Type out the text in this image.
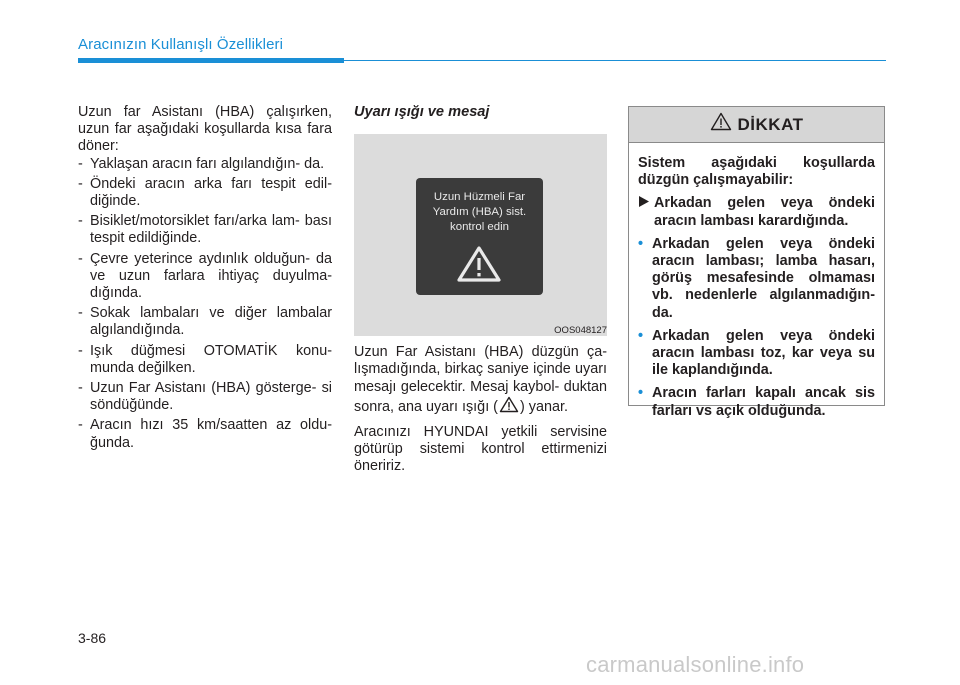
Aracınızın Kullanışlı Özellikleri

Uzun far Asistanı (HBA) çalışırken, uzun far aşağıdaki koşullarda kısa fara döner:

- Yaklaşan aracın farı algılandığın- da.
- Öndeki aracın arka farı tespit edil- diğinde.
- Bisiklet/motorsiklet farı/arka lam- bası tespit edildiğinde.
- Çevre yeterince aydınlık olduğun- da ve uzun farlara ihtiyaç duyulma- dığında.
- Sokak lambaları ve diğer lambalar algılandığında.
- Işık düğmesi OTOMATİK konu- munda değilken.
- Uzun Far Asistanı (HBA) gösterge- si söndüğünde.
- Aracın hızı 35 km/saatten az oldu- ğunda.
Uyarı ışığı ve mesaj
Uzun Hüzmeli Far
Yardım (HBA) sist.
kontrol edin
OOS048127

Uzun Far Asistanı (HBA) düzgün ça- lışmadığında, birkaç saniye içinde uyarı mesajı gelecektir. Mesaj kaybol- duktan sonra, ana uyarı ışığı ( ) yanar.

Aracınızı HYUNDAI yetkili servisine götürüp sistemi kontrol ettirmenizi öneririz.

DİKKAT

Sistem aşağıdaki koşullarda düzgün çalışmayabilir:

Arkadan gelen veya öndeki aracın lambası karardığında.
• Arkadan gelen veya öndeki aracın lambası; lamba hasarı, görüş mesafesinde olmaması vb. nedenlerle algılanmadığın- da.
• Arkadan gelen veya öndeki aracın lambası toz, kar veya su ile kaplandığında.
• Aracın farları kapalı ancak sis farları vs açık olduğunda.
3-86
carmanualsonline.info
